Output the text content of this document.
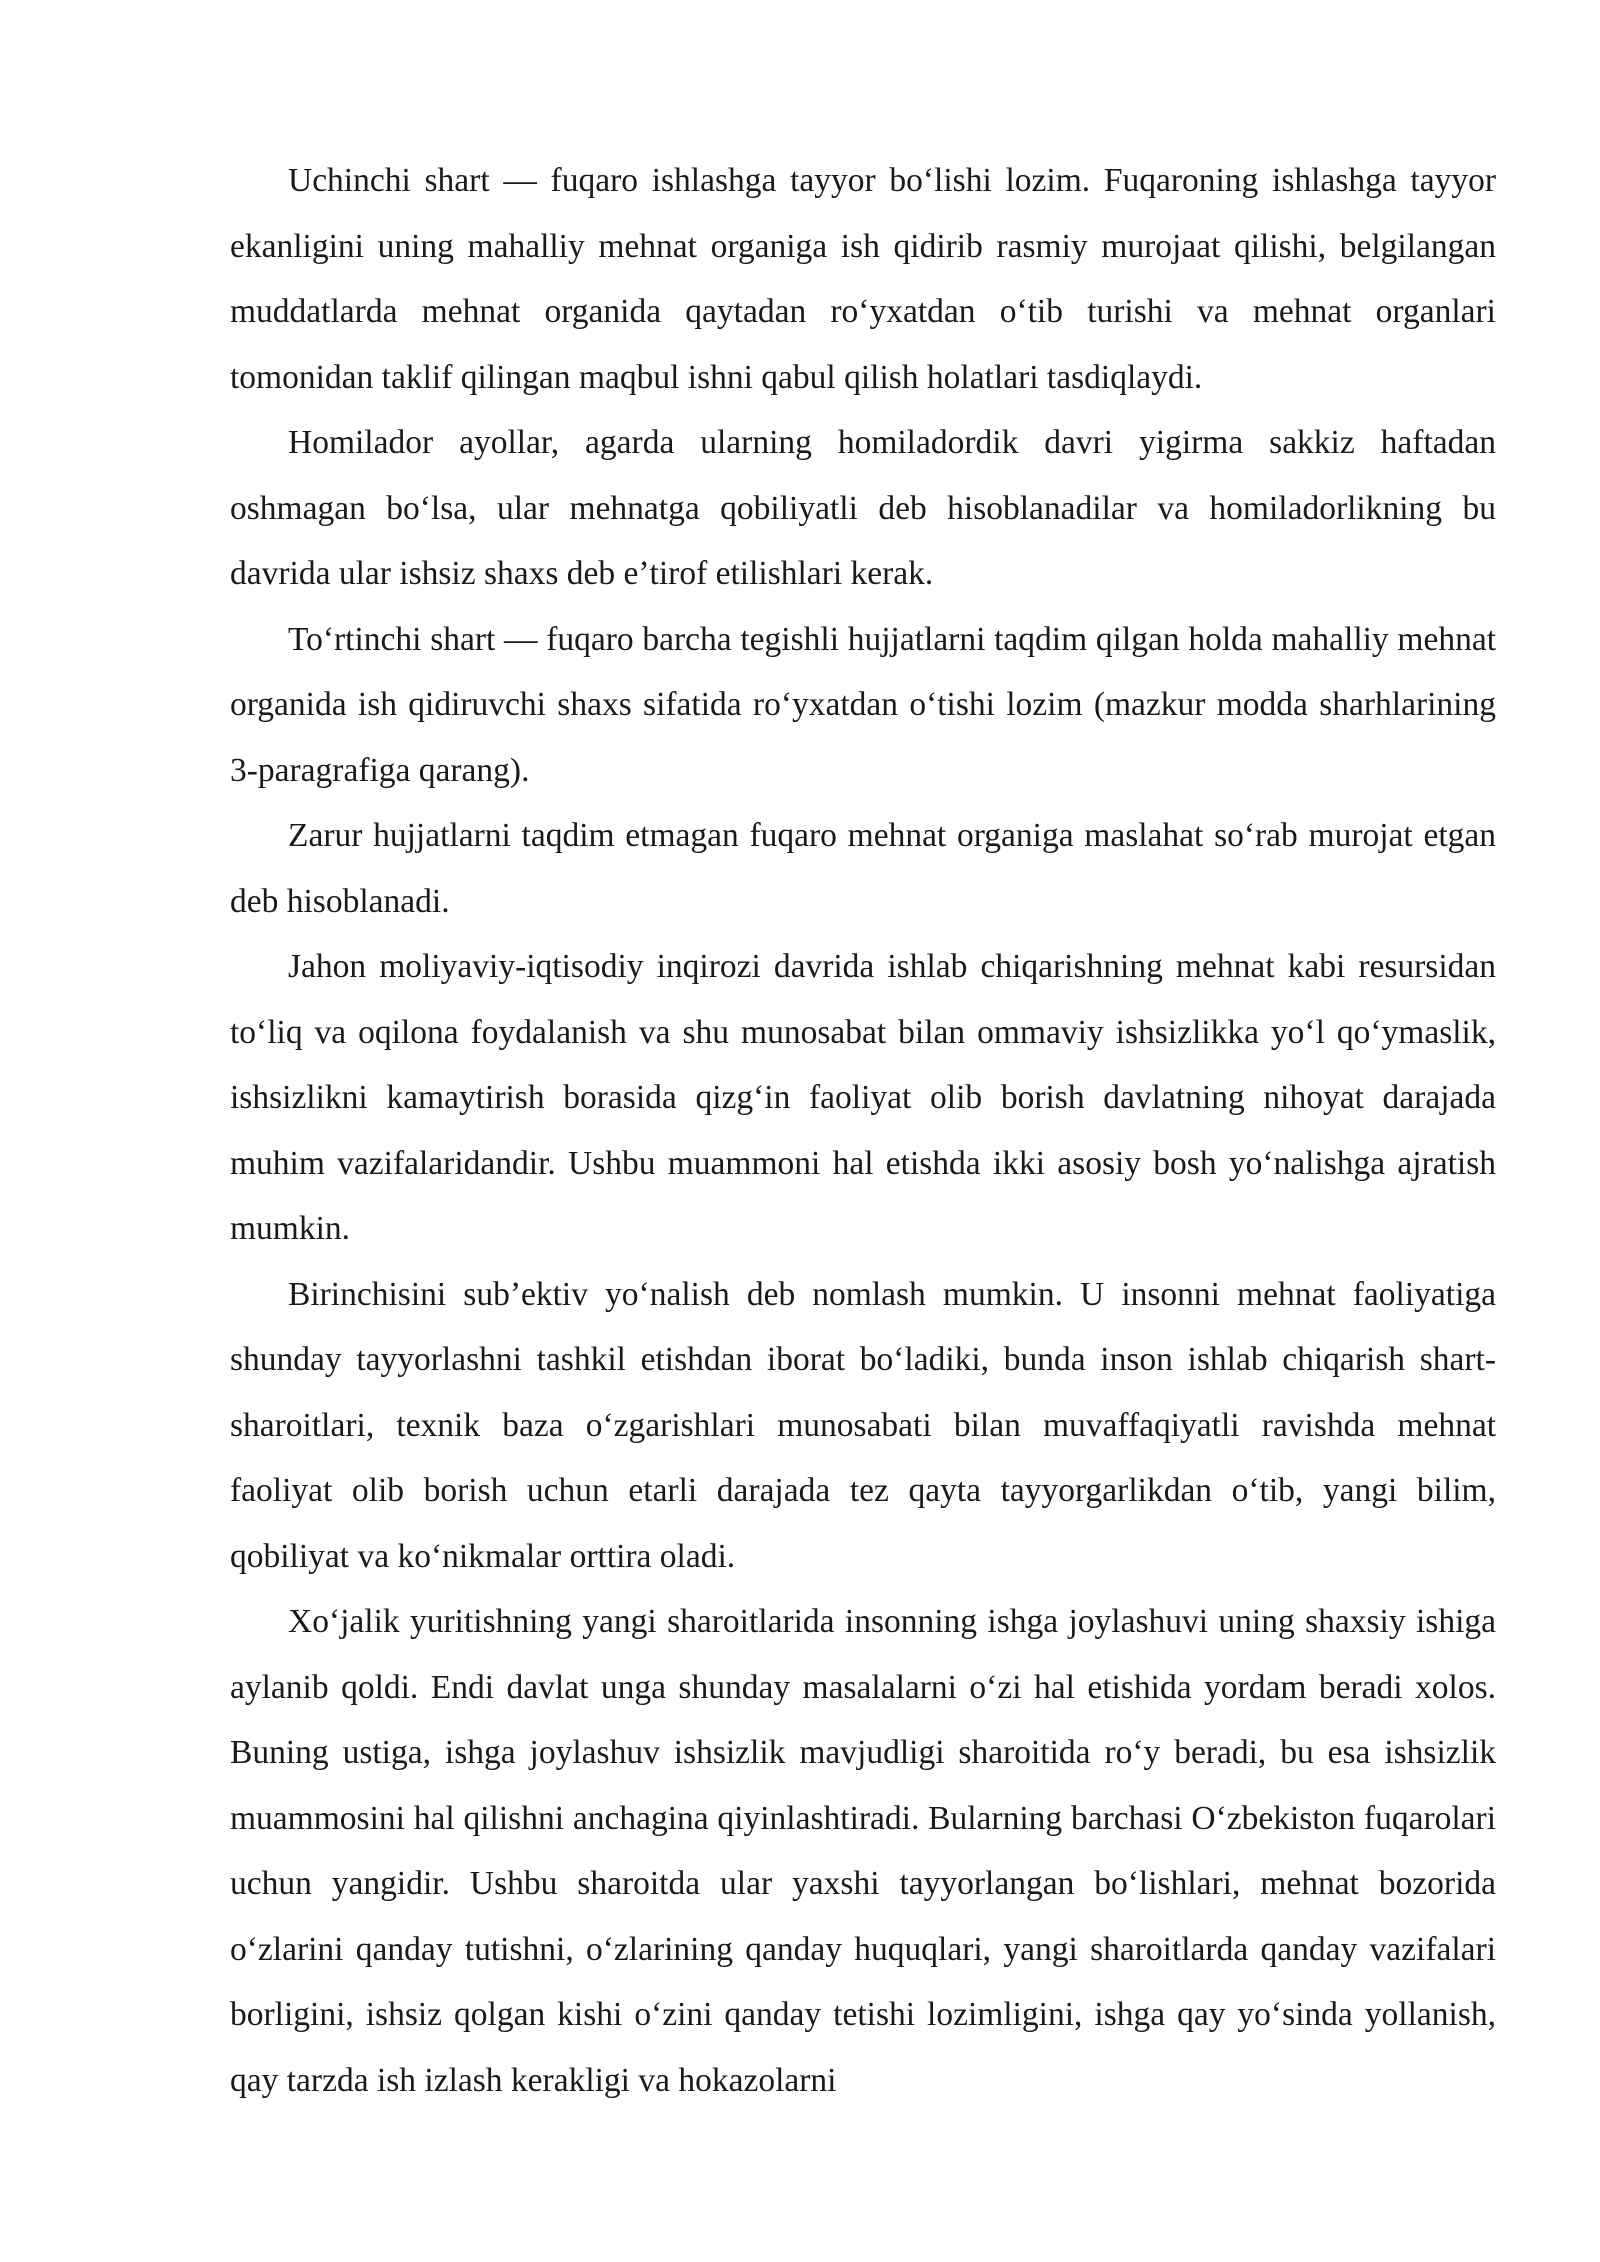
Uchinchi shart — fuqaro ishlashga tayyor boʻlishi lozim. Fuqaroning ishlashga tayyor ekanligini uning mahalliy mehnat organiga ish qidirib rasmiy murojaat qilishi, belgilangan muddatlarda mehnat organida qaytadan roʻyxatdan oʻtib turishi va mehnat organlari tomonidan taklif qilingan maqbul ishni qabul qilish holatlari tasdiqlaydi.

Homilador ayollar, agarda ularning homiladordik davri yigirma sakkiz haftadan oshmagan boʻlsa, ular mehnatga qobiliyatli deb hisoblanadilar va homiladorlikning bu davrida ular ishsiz shaxs deb eʼtirof etilishlari kerak.

Toʻrtinchi shart — fuqaro barcha tegishli hujjatlarni taqdim qilgan holda mahalliy mehnat organida ish qidiruvchi shaxs sifatida roʻyxatdan oʻtishi lozim (mazkur modda sharhlarining 3-paragrafiga qarang).

Zarur hujjatlarni taqdim etmagan fuqaro mehnat organiga maslahat soʻrab murojat etgan deb hisoblanadi.

Jahon moliyaviy-iqtisodiy inqirozi davrida ishlab chiqarishning mehnat kabi resursidan toʻliq va oqilona foydalanish va shu munosabat bilan ommaviy ishsizlikka yoʻl qoʻymaslik, ishsizlikni kamaytirish borasida qizgʻin faoliyat olib borish davlatning nihoyat darajada muhim vazifalaridandir. Ushbu muammoni hal etishda ikki asosiy bosh yoʻnalishga ajratish mumkin.

Birinchisini subʼektiv yoʻnalish deb nomlash mumkin. U insonni mehnat faoliyatiga shunday tayyorlashni tashkil etishdan iborat boʻladiki, bunda inson ishlab chiqarish shart-sharoitlari, texnik baza oʻzgarishlari munosabati bilan muvaffaqiyatli ravishda mehnat faoliyat olib borish uchun etarli darajada tez qayta tayyorgarlikdan oʻtib, yangi bilim, qobiliyat va koʻnikmalar orttira oladi.

Xoʻjalik yuritishning yangi sharoitlarida insonning ishga joylashuvi uning shaxsiy ishiga aylanib qoldi. Endi davlat unga shunday masalalarni oʻzi hal etishida yordam beradi xolos. Buning ustiga, ishga joylashuv ishsizlik mavjudligi sharoitida roʻy beradi, bu esa ishsizlik muammosini hal qilishni anchagina qiyinlashtiradi. Bularning barchasi Oʻzbekiston fuqarolari uchun yangidir. Ushbu sharoitda ular yaxshi tayyorlangan boʻlishlari, mehnat bozorida oʻzlarini qanday tutishni, oʻzlarining qanday huquqlari, yangi sharoitlarda qanday vazifalari borligini, ishsiz qolgan kishi oʻzini qanday tetishi lozimligini, ishga qay yoʻsinda yollanish, qay tarzda ish izlash kerakligi va hokazolarni
